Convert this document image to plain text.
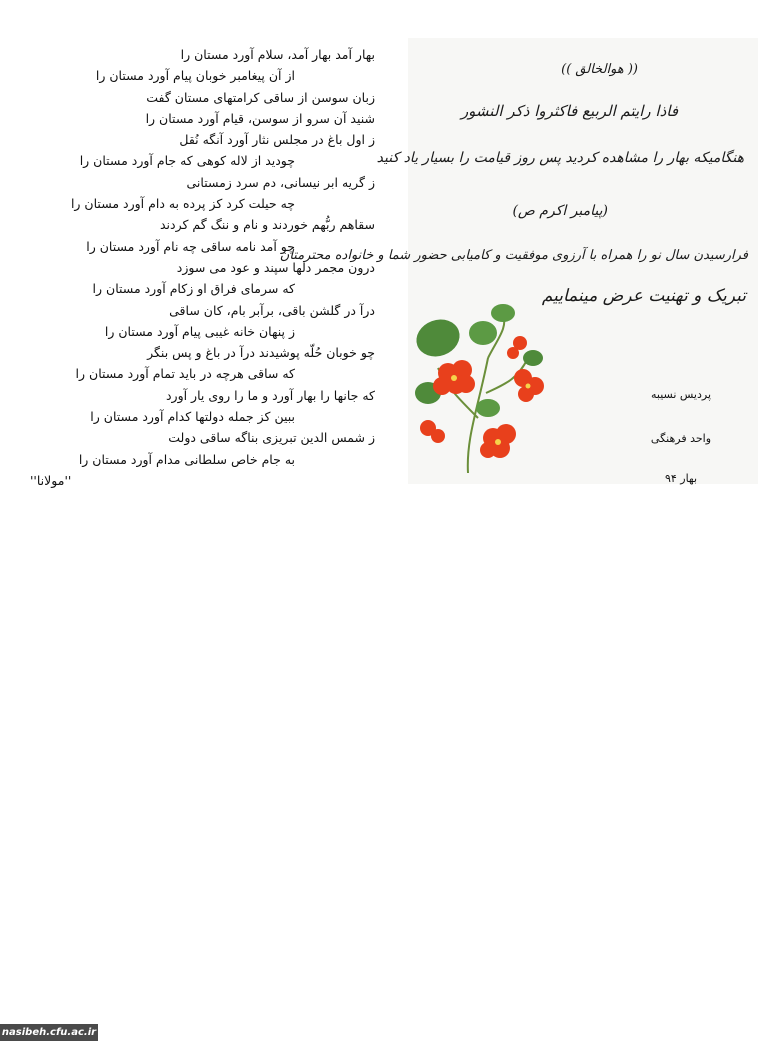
بهار آمد بهار آمد، سلام آورد مستان را
از آن پیغامبر خوبان پیام آورد مستان را
زبان سوسن از ساقی کرامتهای مستان گفت
شنید آن سرو از سوسن، قیام آورد مستان را
ز اول باغ در مجلس نثار آورد آنگه نُقل
چودید از لاله کوهی که جام آورد مستان را
ز گریه ابر نیسانی، دم سرد زمستانی
چه حیلت کرد کز پرده به دام آورد مستان را
سقاهم ربُّهم خوردند و نام و ننگ گم کردند
چو آمد نامه ساقی چه نام آورد مستان را
درون مجمر دلها سپند و عود می سوزد
که سرمای فراق او زکام آورد مستان را
درآ در گلشن باقی، برآبر بام، کان ساقی
ز پنهان خانه غیبی پیام آورد مستان را
چو خوبان حُلّه پوشیدند درآ در باغ و پس بنگر
که ساقی هرچه در باید تمام آورد مستان را
که جانها را بهار آورد و ما را روی یار آورد
ببین کز جمله دولتها کدام آورد مستان را
ز شمس الدین تبریزی بناگه ساقی دولت
به جام خاص سلطانی مدام آورد مستان را
''مولانا''
(( هوالخالق ))
فاذا رایتم الربیع فاکثروا ذکر النشور
هنگامیکه بهار را مشاهده کردید پس روز قیامت را بسیار یاد کنید
(پیامبر اکرم ص)
فرارسیدن سال نو را همراه با آرزوی موفقیت و کامیابی حضور شما و خانواده محترمتان
تبریک و تهنیت عرض مینماییم
پردیس نسیبه
واحد فرهنگی
بهار ۹۴
nasibeh.cfu.ac.ir
